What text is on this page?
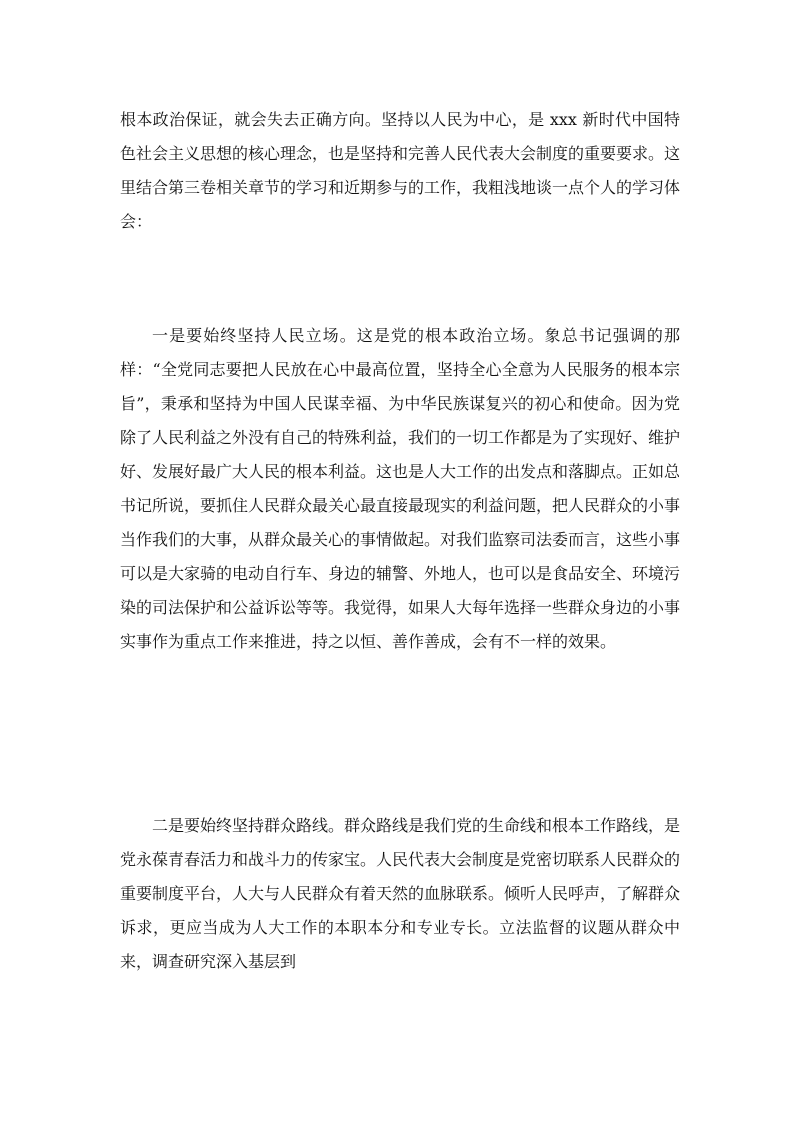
根本政治保证，就会失去正确方向。坚持以人民为中心，是 xxx 新时代中国特色社会主义思想的核心理念，也是坚持和完善人民代表大会制度的重要要求。这里结合第三卷相关章节的学习和近期参与的工作，我粗浅地谈一点个人的学习体会：

一是要始终坚持人民立场。这是党的根本政治立场。象总书记强调的那样：“全党同志要把人民放在心中最高位置，坚持全心全意为人民服务的根本宗旨”，秉承和坚持为中国人民谋幸福、为中华民族谋复兴的初心和使命。因为党除了人民利益之外没有自己的特殊利益，我们的一切工作都是为了实现好、维护好、发展好最广大人民的根本利益。这也是人大工作的出发点和落脚点。正如总书记所说，要抓住人民群众最关心最直接最现实的利益问题，把人民群众的小事当作我们的大事，从群众最关心的事情做起。对我们监察司法委而言，这些小事可以是大家骑的电动自行车、身边的辅警、外地人，也可以是食品安全、环境污染的司法保护和公益诉讼等等。我觉得，如果人大每年选择一些群众身边的小事实事作为重点工作来推进，持之以恒、善作善成，会有不一样的效果。

二是要始终坚持群众路线。群众路线是我们党的生命线和根本工作路线，是党永葆青春活力和战斗力的传家宝。人民代表大会制度是党密切联系人民群众的重要制度平台，人大与人民群众有着天然的血脉联系。倾听人民呼声，了解群众诉求，更应当成为人大工作的本职本分和专业专长。立法监督的议题从群众中来，调查研究深入基层到
